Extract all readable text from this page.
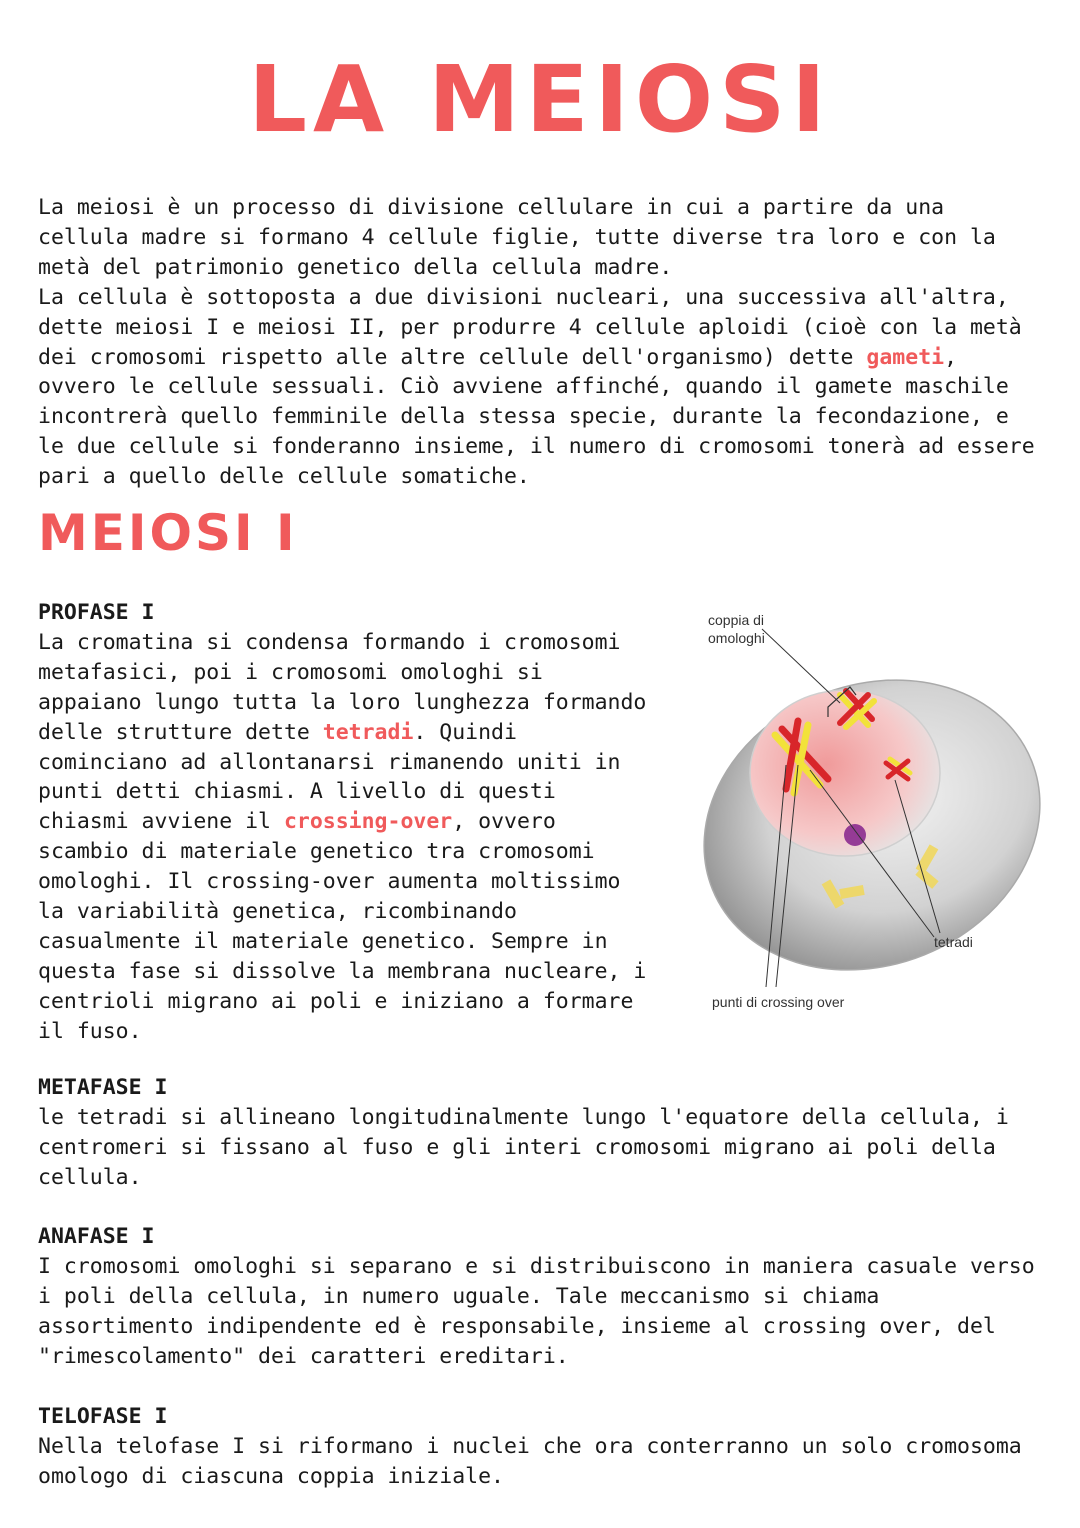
LA MEIOSI
La meiosi è un processo di divisione cellulare in cui a partire da una
cellula madre si formano 4 cellule figlie, tutte diverse tra loro e con la
metà del patrimonio genetico della cellula madre.
La cellula è sottoposta a due divisioni nucleari, una successiva all'altra,
dette meiosi I e meiosi II, per produrre 4 cellule aploidi (cioè con la metà
dei cromosomi rispetto alle altre cellule dell'organismo) dette gameti,
ovvero le cellule sessuali. Ciò avviene affinché, quando il gamete maschile
incontrerà quello femminile della stessa specie, durante la fecondazione, e
le due cellule si fonderanno insieme, il numero di cromosomi tonerà ad essere
pari a quello delle cellule somatiche.
MEIOSI I
PROFASE I
La cromatina si condensa formando i cromosomi
metafasici, poi i cromosomi omologhi si
appaiano lungo tutta la loro lunghezza formando
delle strutture dette tetradi. Quindi
cominciano ad allontanarsi rimanendo uniti in
punti detti chiasmi. A livello di questi
chiasmi avviene il crossing-over, ovvero
scambio di materiale genetico tra cromosomi
omologhi. Il crossing-over aumenta moltissimo
la variabilità genetica, ricombinando
casualmente il materiale genetico. Sempre in
questa fase si dissolve la membrana nucleare, i
centrioli migrano ai poli e iniziano a formare
il fuso.
coppia di
omologhi
tetradi
punti di crossing over
METAFASE I
le tetradi si allineano longitudinalmente lungo l'equatore della cellula, i
centromeri si fissano al fuso e gli interi cromosomi migrano ai poli della
cellula.
ANAFASE I
I cromosomi omologhi si separano e si distribuiscono in maniera casuale verso
i poli della cellula, in numero uguale. Tale meccanismo si chiama
assortimento indipendente ed è responsabile, insieme al crossing over, del
"rimescolamento" dei caratteri ereditari.
TELOFASE I
Nella telofase I si riformano i nuclei che ora conterranno un solo cromosoma
omologo di ciascuna coppia iniziale.
